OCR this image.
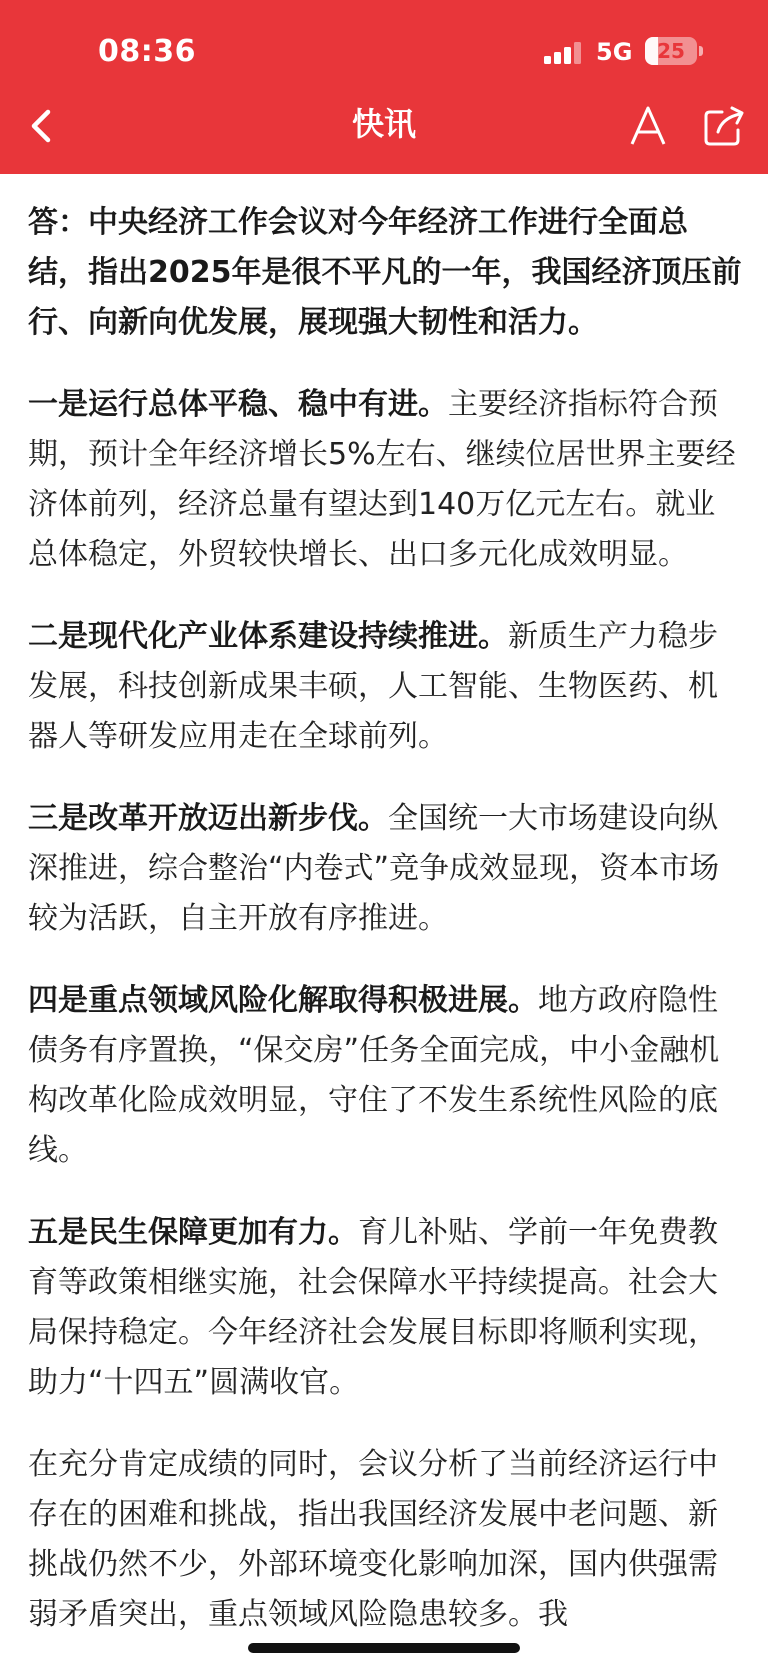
08:36	5G	25
快讯

答：中央经济工作会议对今年经济工作进行全面总结，指出2025年是很不平凡的一年，我国经济顶压前行、向新向优发展，展现强大韧性和活力。

一是运行总体平稳、稳中有进。主要经济指标符合预期，预计全年经济增长5%左右、继续位居世界主要经济体前列，经济总量有望达到140万亿元左右。就业总体稳定，外贸较快增长、出口多元化成效明显。

二是现代化产业体系建设持续推进。新质生产力稳步发展，科技创新成果丰硕，人工智能、生物医药、机器人等研发应用走在全球前列。

三是改革开放迈出新步伐。全国统一大市场建设向纵深推进，综合整治“内卷式”竞争成效显现，资本市场较为活跃，自主开放有序推进。

四是重点领域风险化解取得积极进展。地方政府隐性债务有序置换，“保交房”任务全面完成，中小金融机构改革化险成效明显，守住了不发生系统性风险的底线。

五是民生保障更加有力。育儿补贴、学前一年免费教育等政策相继实施，社会保障水平持续提高。社会大局保持稳定。今年经济社会发展目标即将顺利实现，助力“十四五”圆满收官。

在充分肯定成绩的同时，会议分析了当前经济运行中存在的困难和挑战，指出我国经济发展中老问题、新挑战仍然不少，外部环境变化影响加深，国内供强需弱矛盾突出，重点领域风险隐患较多。我
